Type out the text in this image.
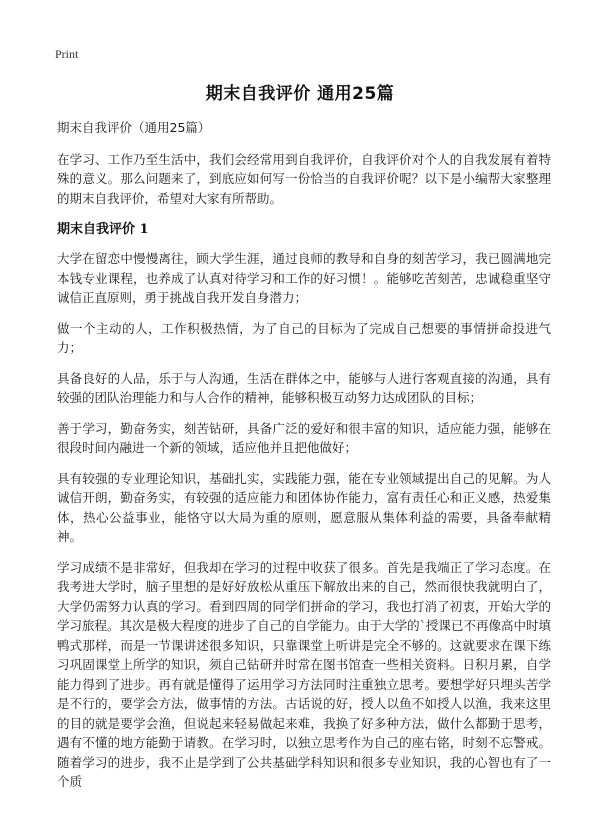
Print
期末自我评价 通用25篇

期末自我评价（通用25篇）

在学习、工作乃至生活中，我们会经常用到自我评价，自我评价对个人的自我发展有着特殊的意义。那么问题来了，到底应如何写一份恰当的自我评价呢？以下是小编帮大家整理的期末自我评价，希望对大家有所帮助。

期末自我评价 1

大学在留恋中慢慢离往，顾大学生涯，通过良师的教导和自身的刻苦学习，我已圆满地完本钱专业课程，也养成了认真对待学习和工作的好习惯！。能够吃苦刻苦，忠诚稳重坚守诚信正直原则，勇于挑战自我开发自身潜力；

做一个主动的人，工作积极热情，为了自己的目标为了完成自己想要的事情拼命投进气力；

具备良好的人品，乐于与人沟通，生活在群体之中，能够与人进行客观直接的沟通，具有较强的团队治理能力和与人合作的精神，能够积极互动努力达成团队的目标；

善于学习，勤奋务实，刻苦钻研，具备广泛的爱好和很丰富的知识，适应能力强，能够在很段时间内融进一个新的领域，适应他并且把他做好；

具有较强的专业理论知识，基础扎实，实践能力强，能在专业领域提出自己的见解。为人诚信开朗，勤奋务实，有较强的适应能力和团体协作能力，富有责任心和正义感，热爱集体，热心公益事业，能恪守以大局为重的原则，愿意服从集体利益的需要，具备奉献精神。

学习成绩不是非常好，但我却在学习的过程中收获了很多。首先是我端正了学习态度。在我考进大学时，脑子里想的是好好放松从重压下解放出来的自己，然而很快我就明白了，大学仍需努力认真的学习。看到四周的同学们拼命的学习，我也打消了初衷，开始大学的学习旅程。其次是极大程度的进步了自己的自学能力。由于大学的`授课已不再像高中时填鸭式那样，而是一节课讲述很多知识，只靠课堂上听讲是完全不够的。这就要求在课下练习巩固课堂上所学的知识，须自己钻研并时常在图书馆查一些相关资料。日积月累，自学能力得到了进步。再有就是懂得了运用学习方法同时注重独立思考。要想学好只埋头苦学是不行的，要学会方法，做事情的方法。古话说的好，授人以鱼不如授人以渔，我来这里的目的就是要学会渔，但说起来轻易做起来难，我换了好多种方法，做什么都勤于思考，遇有不懂的地方能勤于请教。在学习时，以独立思考作为自己的座右铭，时刻不忘警戒。随着学习的进步，我不止是学到了公共基础学科知识和很多专业知识，我的心智也有了一个质
